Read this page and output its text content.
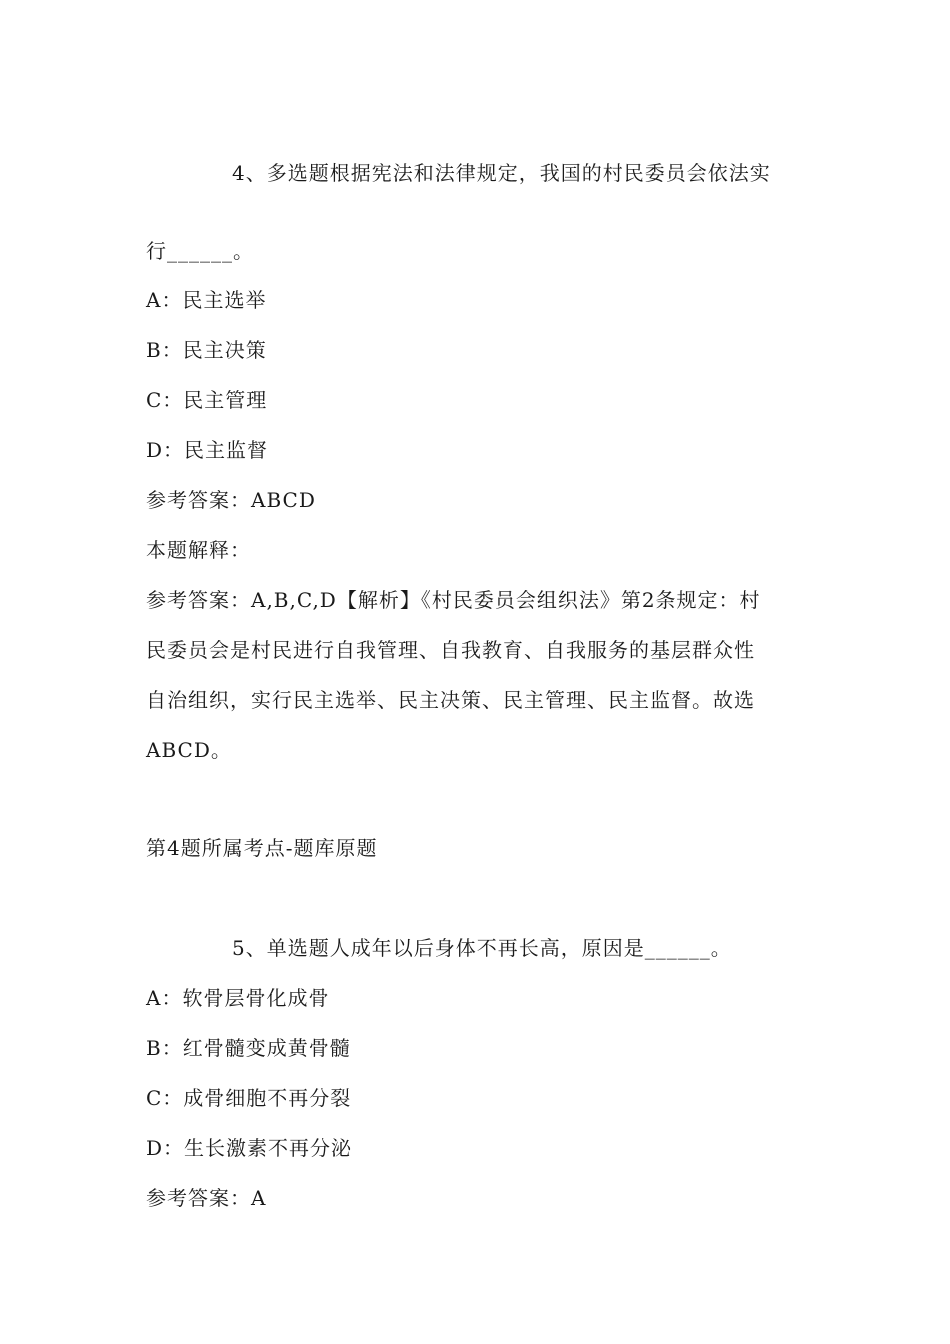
4、多选题根据宪法和法律规定，我国的村民委员会依法实
行______。
A：民主选举
B：民主决策
C：民主管理
D：民主监督
参考答案：ABCD
本题解释：
参考答案：A,B,C,D【解析】《村民委员会组织法》第2条规定：村
民委员会是村民进行自我管理、自我教育、自我服务的基层群众性
自治组织，实行民主选举、民主决策、民主管理、民主监督。故选
ABCD。
第4题所属考点-题库原题
5、单选题人成年以后身体不再长高，原因是______。
A：软骨层骨化成骨
B：红骨髓变成黄骨髓
C：成骨细胞不再分裂
D：生长激素不再分泌
参考答案：A
